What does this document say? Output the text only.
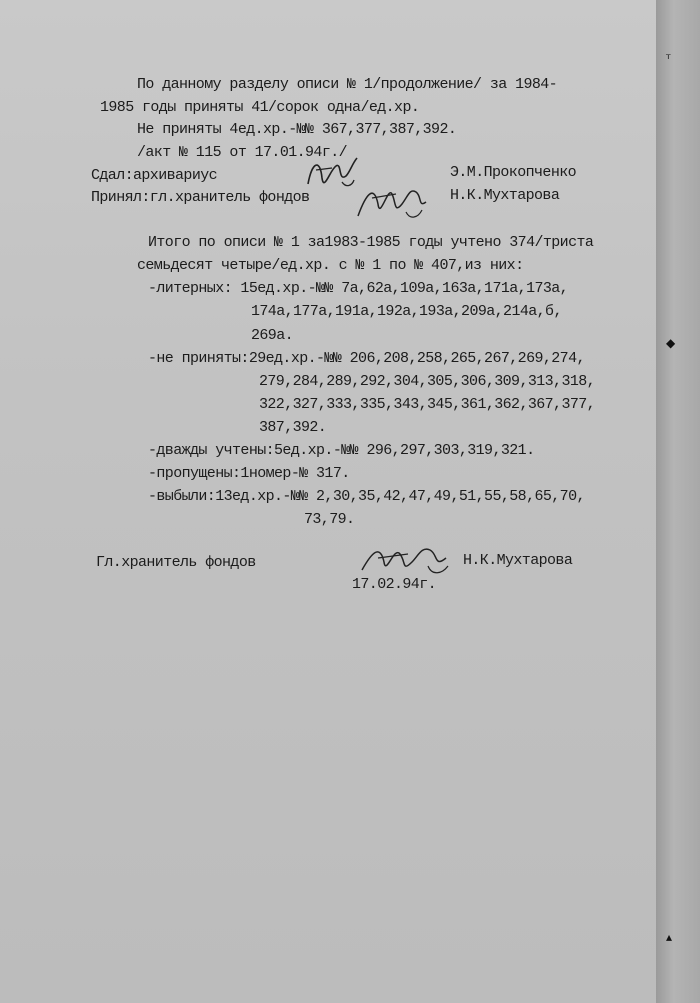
По данному разделу описи № 1/продолжение/ за 1984-
1985 годы приняты 41/сорок одна/ед.хр.
Не приняты 4ед.хр.-№№ 367,377,387,392.
/акт № 115 от 17.01.94г./
Сдал:архивариус	Э.М.Прокопченко
Принял:гл.хранитель фондов	Н.К.Мухтарова
Итого по описи № 1 за1983-1985 годы учтено 374/триста
семьдесят четыре/ед.хр. с № 1 по № 407,из них:
-литерных: 15ед.хр.-№№ 7а,62а,109а,163а,171а,173а,
174а,177а,191а,192а,193а,209а,214а,б,
269а.
-не приняты:29ед.хр.-№№ 206,208,258,265,267,269,274,
279,284,289,292,304,305,306,309,313,318,
322,327,333,335,343,345,361,362,367,377,
387,392.
-дважды учтены:5ед.хр.-№№ 296,297,303,319,321.
-пропущены:1номер-№ 317.
-выбыли:13ед.хр.-№№ 2,30,35,42,47,49,51,55,58,65,70,
73,79.
Гл.хранитель фондов	Н.К.Мухтарова
17.02.94г.
ᵀ
◆
▴
